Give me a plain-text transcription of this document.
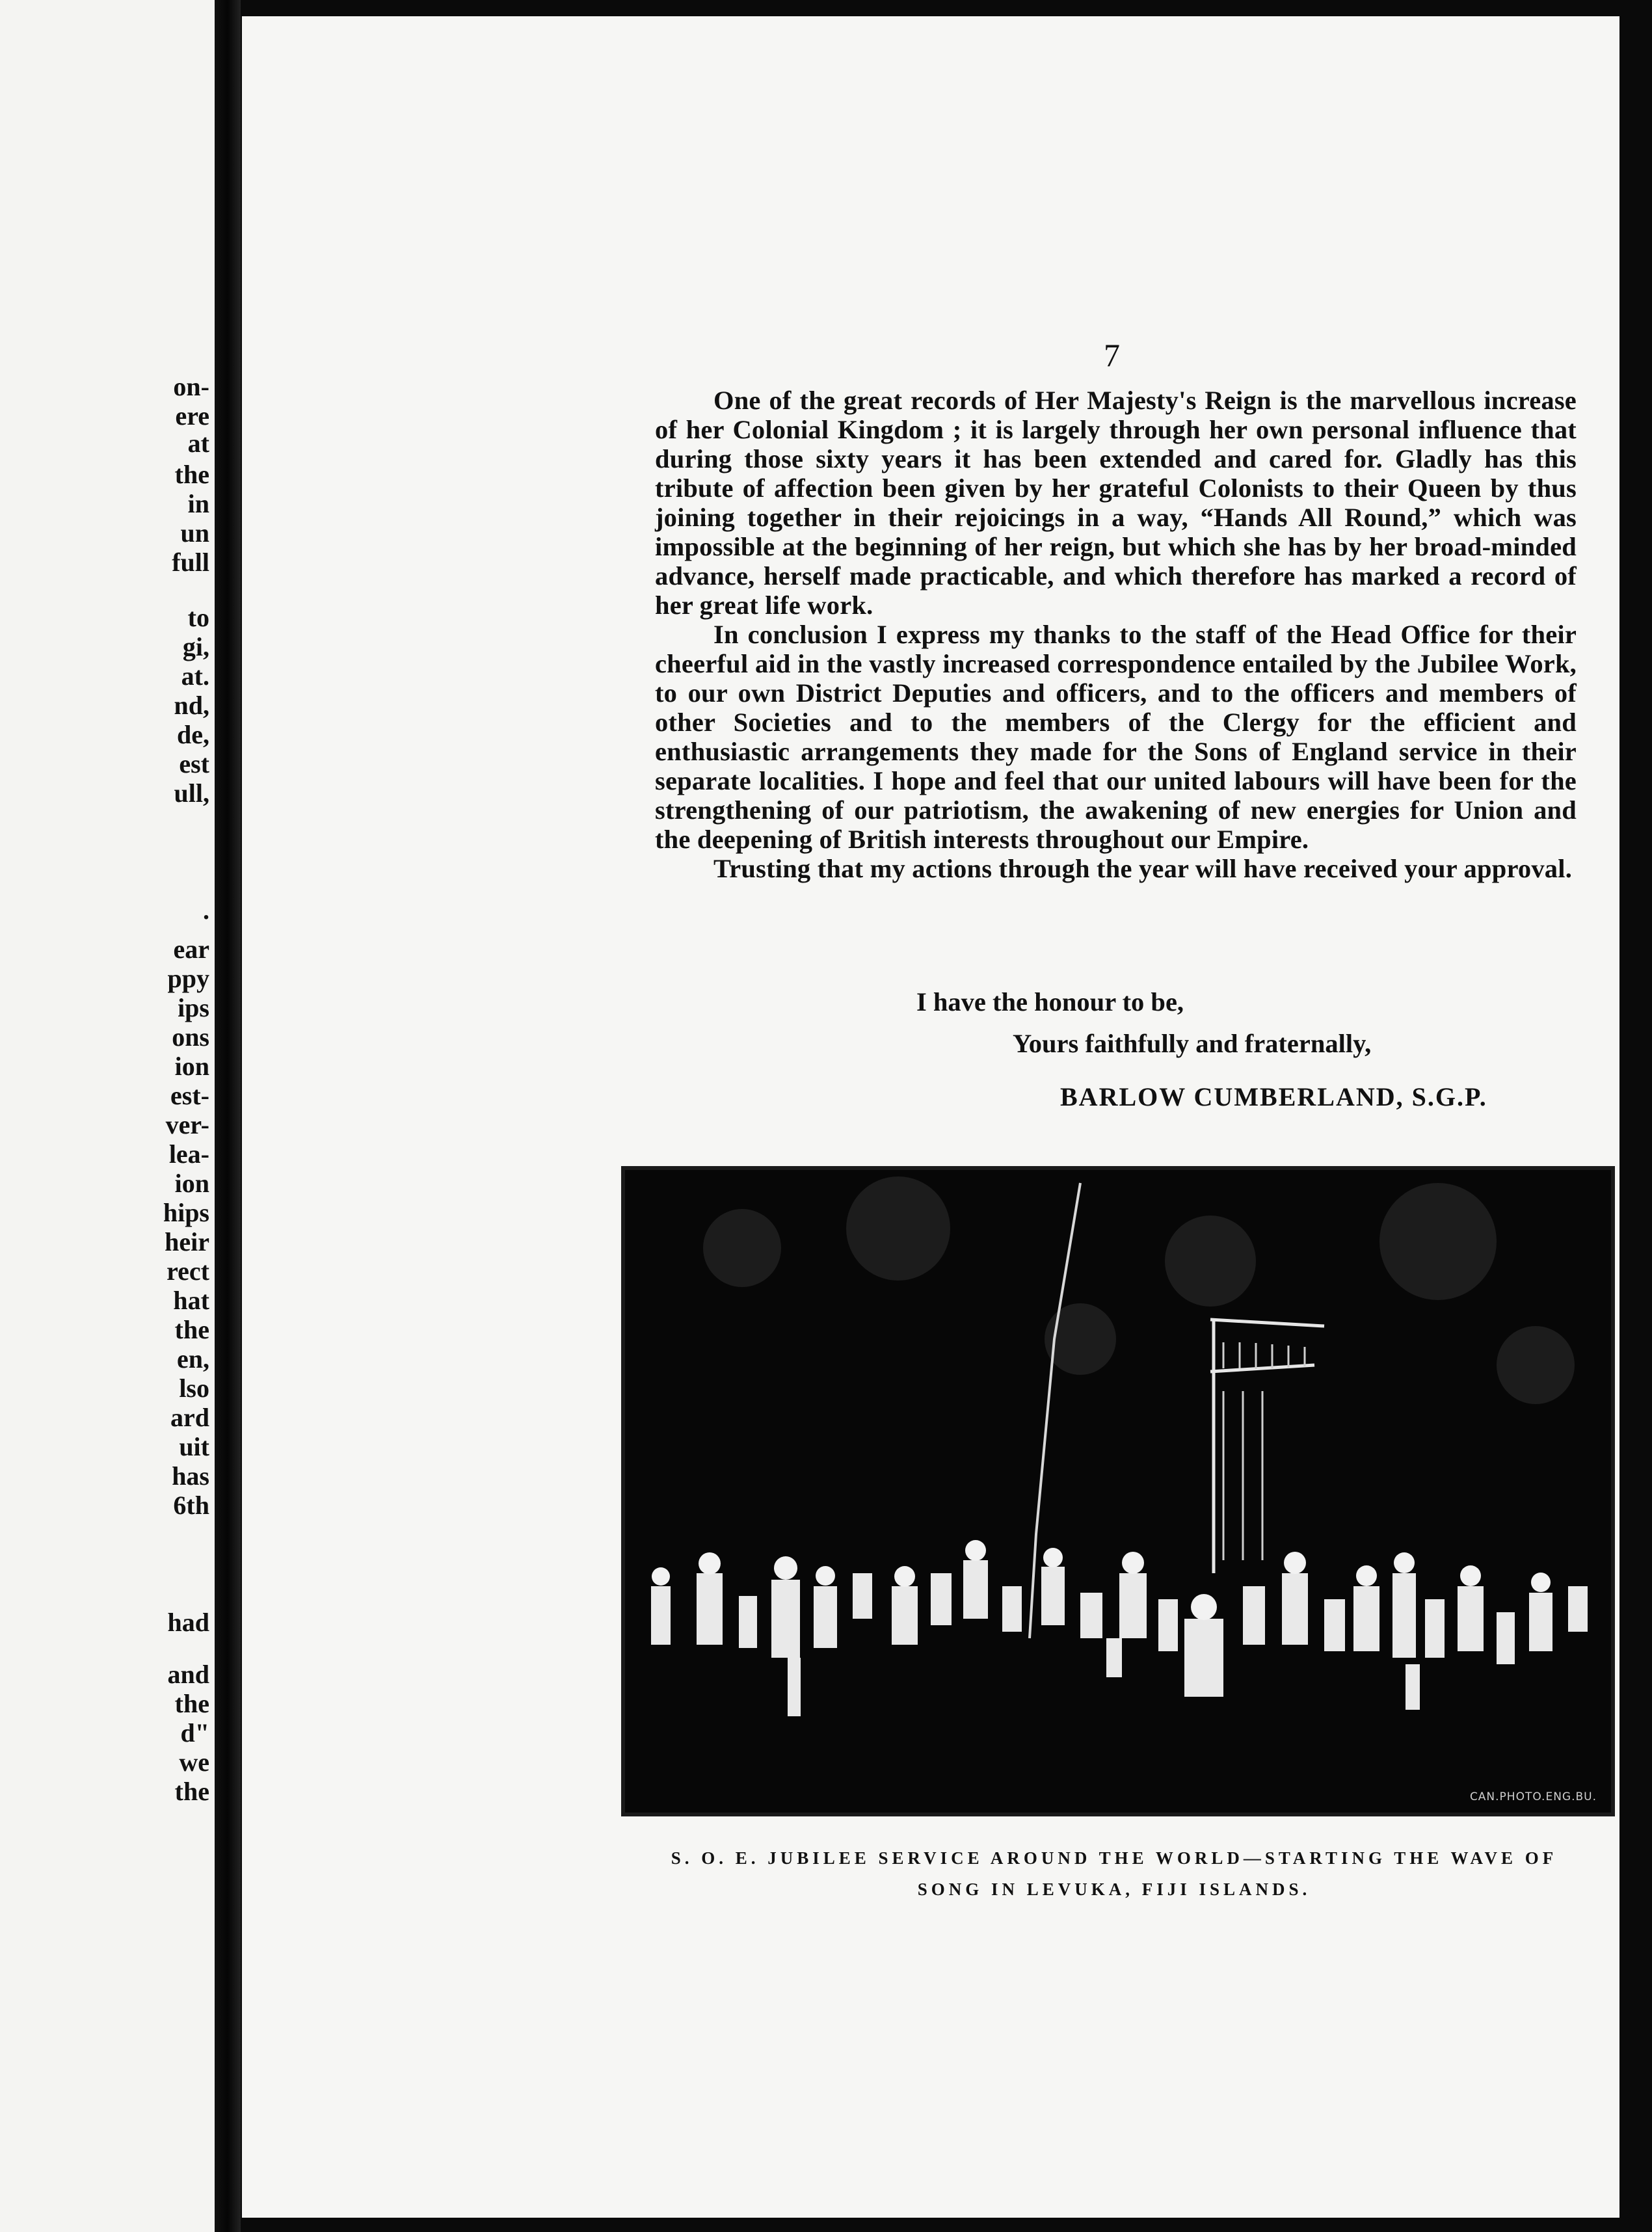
on-

ere

at

the

in

un

full

to

gi,

at.

nd,

de,

est

ull,

.

ear

ppy

ips

ons

ion

est-

ver-

lea-

ion

hips

heir

rect

hat

the

en,

lso

ard

uit

has

6th

had

and

the

d"

we

the

7

One of the great records of Her Majesty's Reign is the marvellous increase of her Colonial Kingdom ; it is largely through her own personal influence that during those sixty years it has been extended and cared for. Gladly has this tribute of affection been given by her grateful Colonists to their Queen by thus joining together in their rejoicings in a way, “Hands All Round,” which was impossible at the beginning of her reign, but which she has by her broad-minded advance, herself made practicable, and which therefore has marked a record of her great life work.

In conclusion I express my thanks to the staff of the Head Office for their cheerful aid in the vastly increased correspondence entailed by the Jubilee Work, to our own District Deputies and officers, and to the officers and members of other Societies and to the members of the Clergy for the efficient and enthusiastic arrangements they made for the Sons of England service in their separate localities. I hope and feel that our united labours will have been for the strengthening of our patriotism, the awakening of new energies for Union and the deepening of British interests throughout our Empire.

Trusting that my actions through the year will have received your approval.

I have the honour to be,

Yours faithfully and fraternally,

BARLOW CUMBERLAND, S.G.P.

CAN.PHOTO.ENG.BU.

S. O. E. JUBILEE SERVICE AROUND THE WORLD—STARTING THE WAVE OF
SONG IN LEVUKA, FIJI ISLANDS.
